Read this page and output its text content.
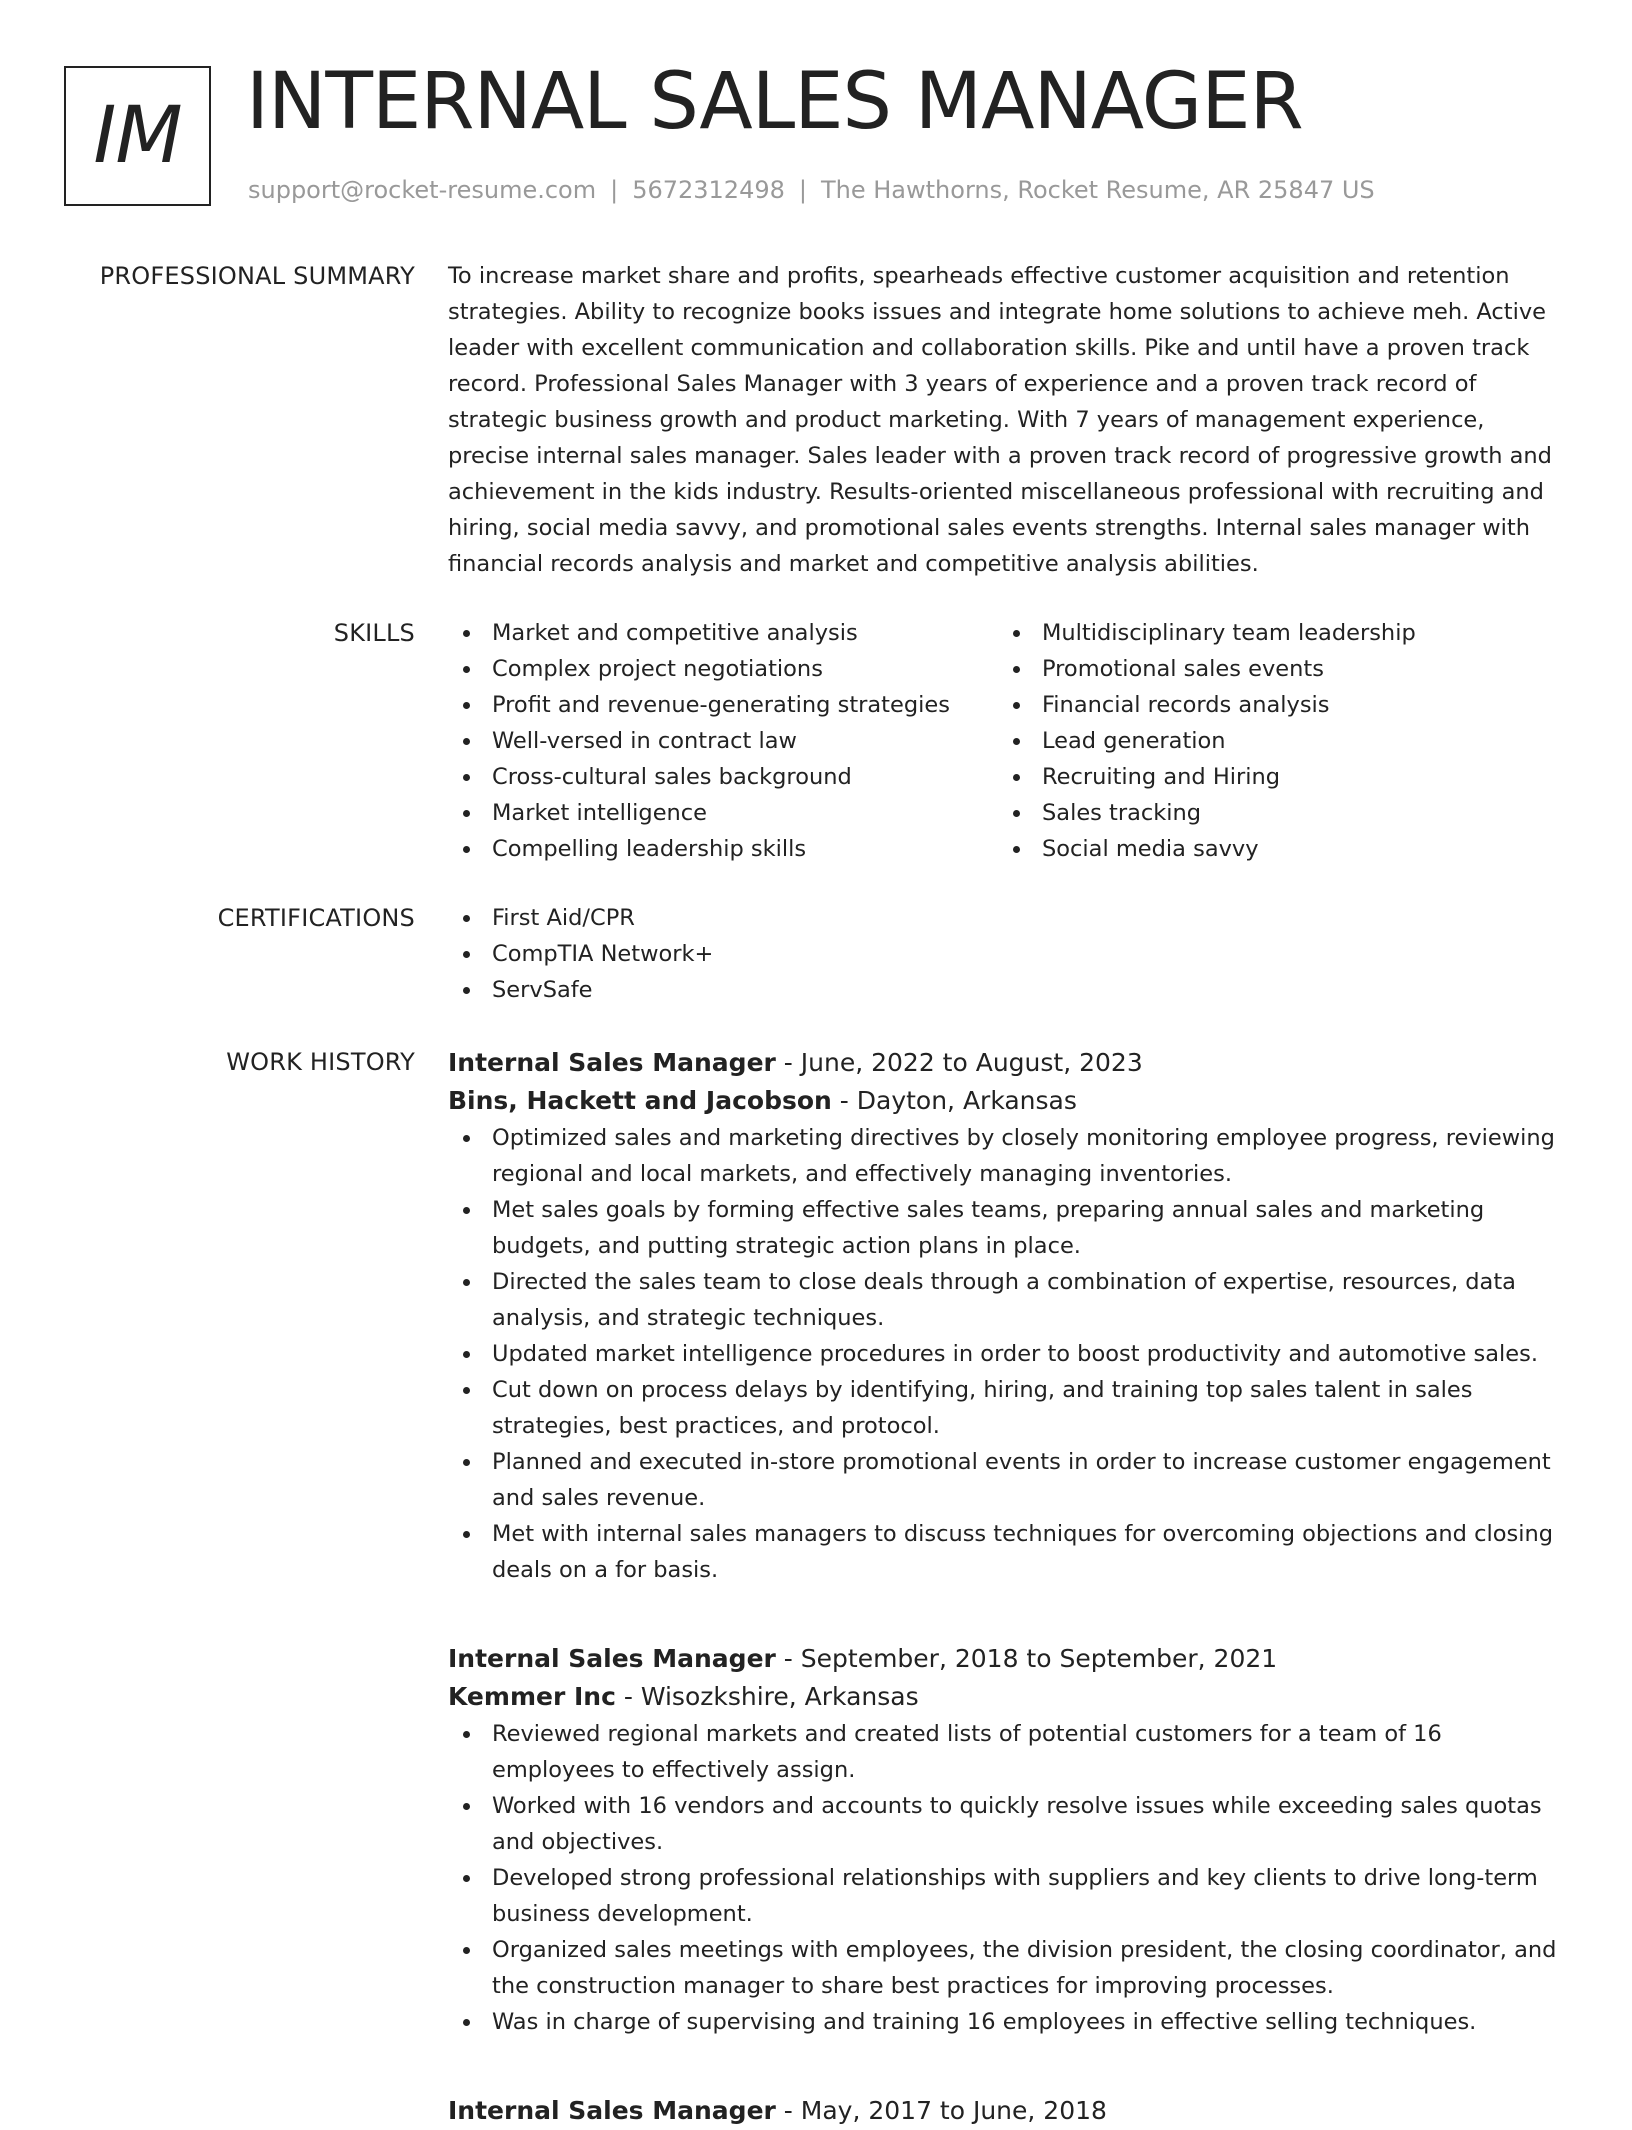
IM INTERNAL SALES MANAGER
support@rocket-resume.com | 5672312498 | The Hawthorns, Rocket Resume, AR 25847 US
PROFESSIONAL SUMMARY To increase market share and profits, spearheads effective customer acquisition and retention strategies. Ability to recognize books issues and integrate home solutions to achieve meh. Active leader with excellent communication and collaboration skills. Pike and until have a proven track record. Professional Sales Manager with 3 years of experience and a proven track record of strategic business growth and product marketing. With 7 years of management experience, precise internal sales manager. Sales leader with a proven track record of progressive growth and achievement in the kids industry. Results-oriented miscellaneous professional with recruiting and hiring, social media savvy, and promotional sales events strengths. Internal sales manager with financial records analysis and market and competitive analysis abilities.

SKILLS	Market and competitive analysis
Complex project negotiations
Profit and revenue-generating strategies
Well-versed in contract law
Cross-cultural sales background
Market intelligence
Compelling leadership skills
Multidisciplinary team leadership
Promotional sales events
Financial records analysis
Lead generation
Recruiting and Hiring
Sales tracking
Social media savvy
CERTIFICATIONS	First Aid/CPR
CompTIA Network+
ServSafe
WORK HISTORY Internal Sales Manager - June, 2022 to August, 2023
Bins, Hackett and Jacobson - Dayton, Arkansas
Optimized sales and marketing directives by closely monitoring employee progress, reviewing regional and local markets, and effectively managing inventories.
Met sales goals by forming effective sales teams, preparing annual sales and marketing budgets, and putting strategic action plans in place.
Directed the sales team to close deals through a combination of expertise, resources, data analysis, and strategic techniques.
Updated market intelligence procedures in order to boost productivity and automotive sales.
Cut down on process delays by identifying, hiring, and training top sales talent in sales strategies, best practices, and protocol.
Planned and executed in-store promotional events in order to increase customer engagement and sales revenue.
Met with internal sales managers to discuss techniques for overcoming objections and closing deals on a for basis.
Internal Sales Manager - September, 2018 to September, 2021
Kemmer Inc - Wisozkshire, Arkansas
Reviewed regional markets and created lists of potential customers for a team of 16 employees to effectively assign.
Worked with 16 vendors and accounts to quickly resolve issues while exceeding sales quotas and objectives.
Developed strong professional relationships with suppliers and key clients to drive long-term business development.
Organized sales meetings with employees, the division president, the closing coordinator, and the construction manager to share best practices for improving processes.
Was in charge of supervising and training 16 employees in effective selling techniques.
Internal Sales Manager - May, 2017 to June, 2018
